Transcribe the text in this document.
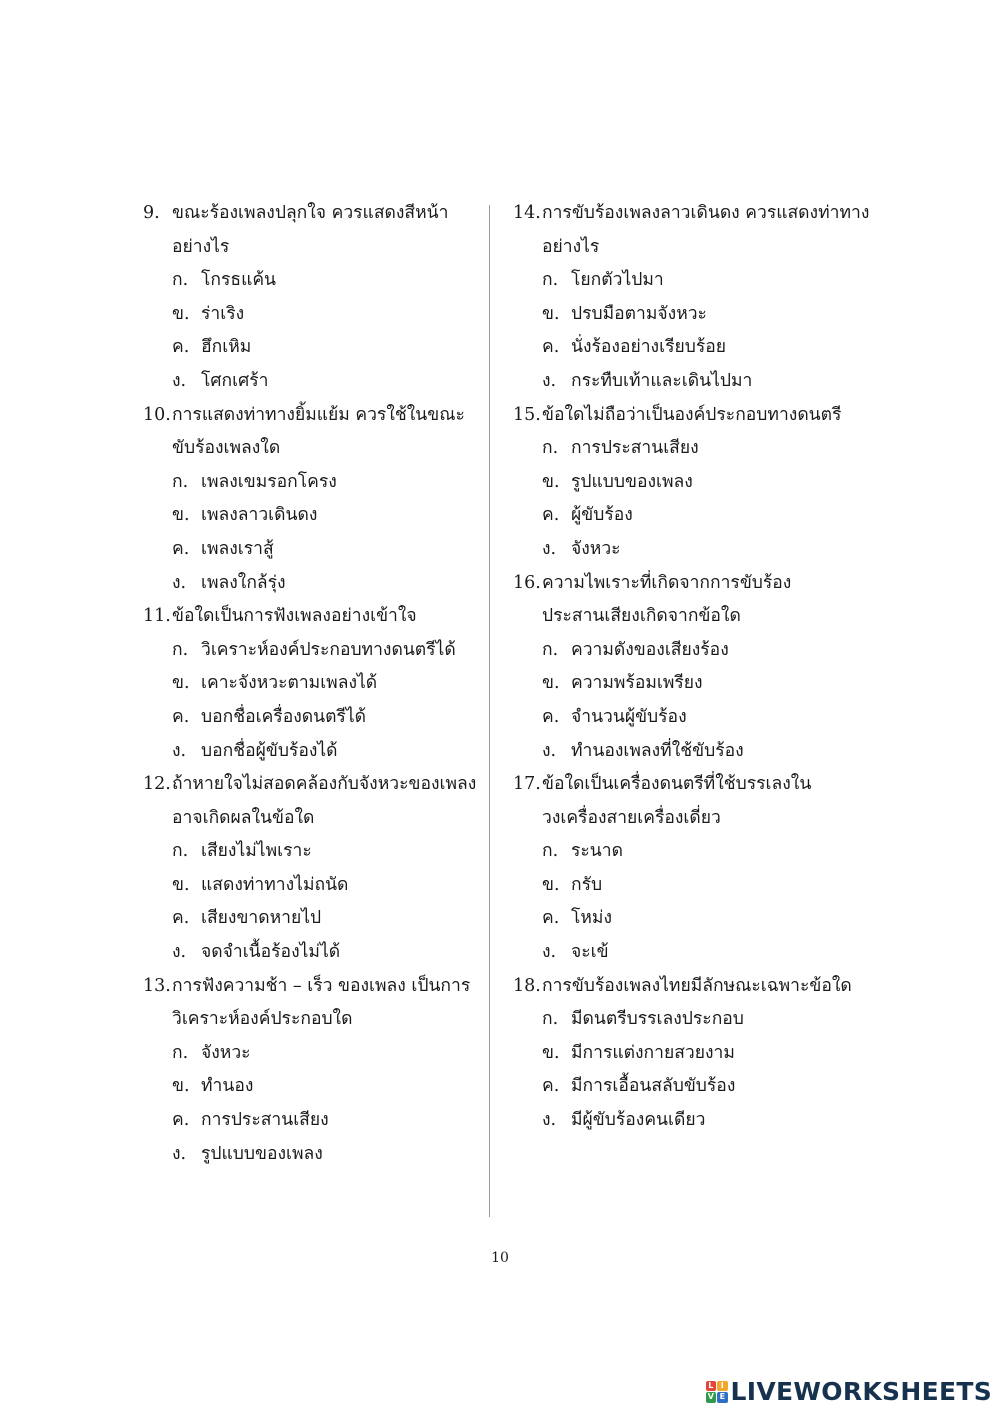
9. ขณะร้องเพลงปลุกใจ ควรแสดงสีหน้า
อย่างไร
ก. โกรธแค้น
ข. ร่าเริง
ค. ฮึกเหิม
ง. โศกเศร้า
10. การแสดงท่าทางยิ้มแย้ม ควรใช้ในขณะ
ขับร้องเพลงใด
ก. เพลงเขมรอกโครง
ข. เพลงลาวเดินดง
ค. เพลงเราสู้
ง. เพลงใกล้รุ่ง
11. ข้อใดเป็นการฟังเพลงอย่างเข้าใจ
ก. วิเคราะห์องค์ประกอบทางดนตรีได้
ข. เคาะจังหวะตามเพลงได้
ค. บอกชื่อเครื่องดนตรีได้
ง. บอกชื่อผู้ขับร้องได้
12. ถ้าหายใจไม่สอดคล้องกับจังหวะของเพลง
อาจเกิดผลในข้อใด
ก. เสียงไม่ไพเราะ
ข. แสดงท่าทางไม่ถนัด
ค. เสียงขาดหายไป
ง. จดจำเนื้อร้องไม่ได้
13. การฟังความช้า – เร็ว ของเพลง เป็นการ
วิเคราะห์องค์ประกอบใด
ก. จังหวะ
ข. ทำนอง
ค. การประสานเสียง
ง. รูปแบบของเพลง
14. การขับร้องเพลงลาวเดินดง ควรแสดงท่าทาง
อย่างไร
ก. โยกตัวไปมา
ข. ปรบมือตามจังหวะ
ค. นั่งร้องอย่างเรียบร้อย
ง. กระทืบเท้าและเดินไปมา
15. ข้อใดไม่ถือว่าเป็นองค์ประกอบทางดนตรี
ก. การประสานเสียง
ข. รูปแบบของเพลง
ค. ผู้ขับร้อง
ง. จังหวะ
16. ความไพเราะที่เกิดจากการขับร้อง
ประสานเสียงเกิดจากข้อใด
ก. ความดังของเสียงร้อง
ข. ความพร้อมเพรียง
ค. จำนวนผู้ขับร้อง
ง. ทำนองเพลงที่ใช้ขับร้อง
17. ข้อใดเป็นเครื่องดนตรีที่ใช้บรรเลงใน
วงเครื่องสายเครื่องเดี่ยว
ก. ระนาด
ข. กรับ
ค. โหม่ง
ง. จะเข้
18. การขับร้องเพลงไทยมีลักษณะเฉพาะข้อใด
ก. มีดนตรีบรรเลงประกอบ
ข. มีการแต่งกายสวยงาม
ค. มีการเอื้อนสลับขับร้อง
ง. มีผู้ขับร้องคนเดียว
10
L I
V E LIVEWORKSHEETS
